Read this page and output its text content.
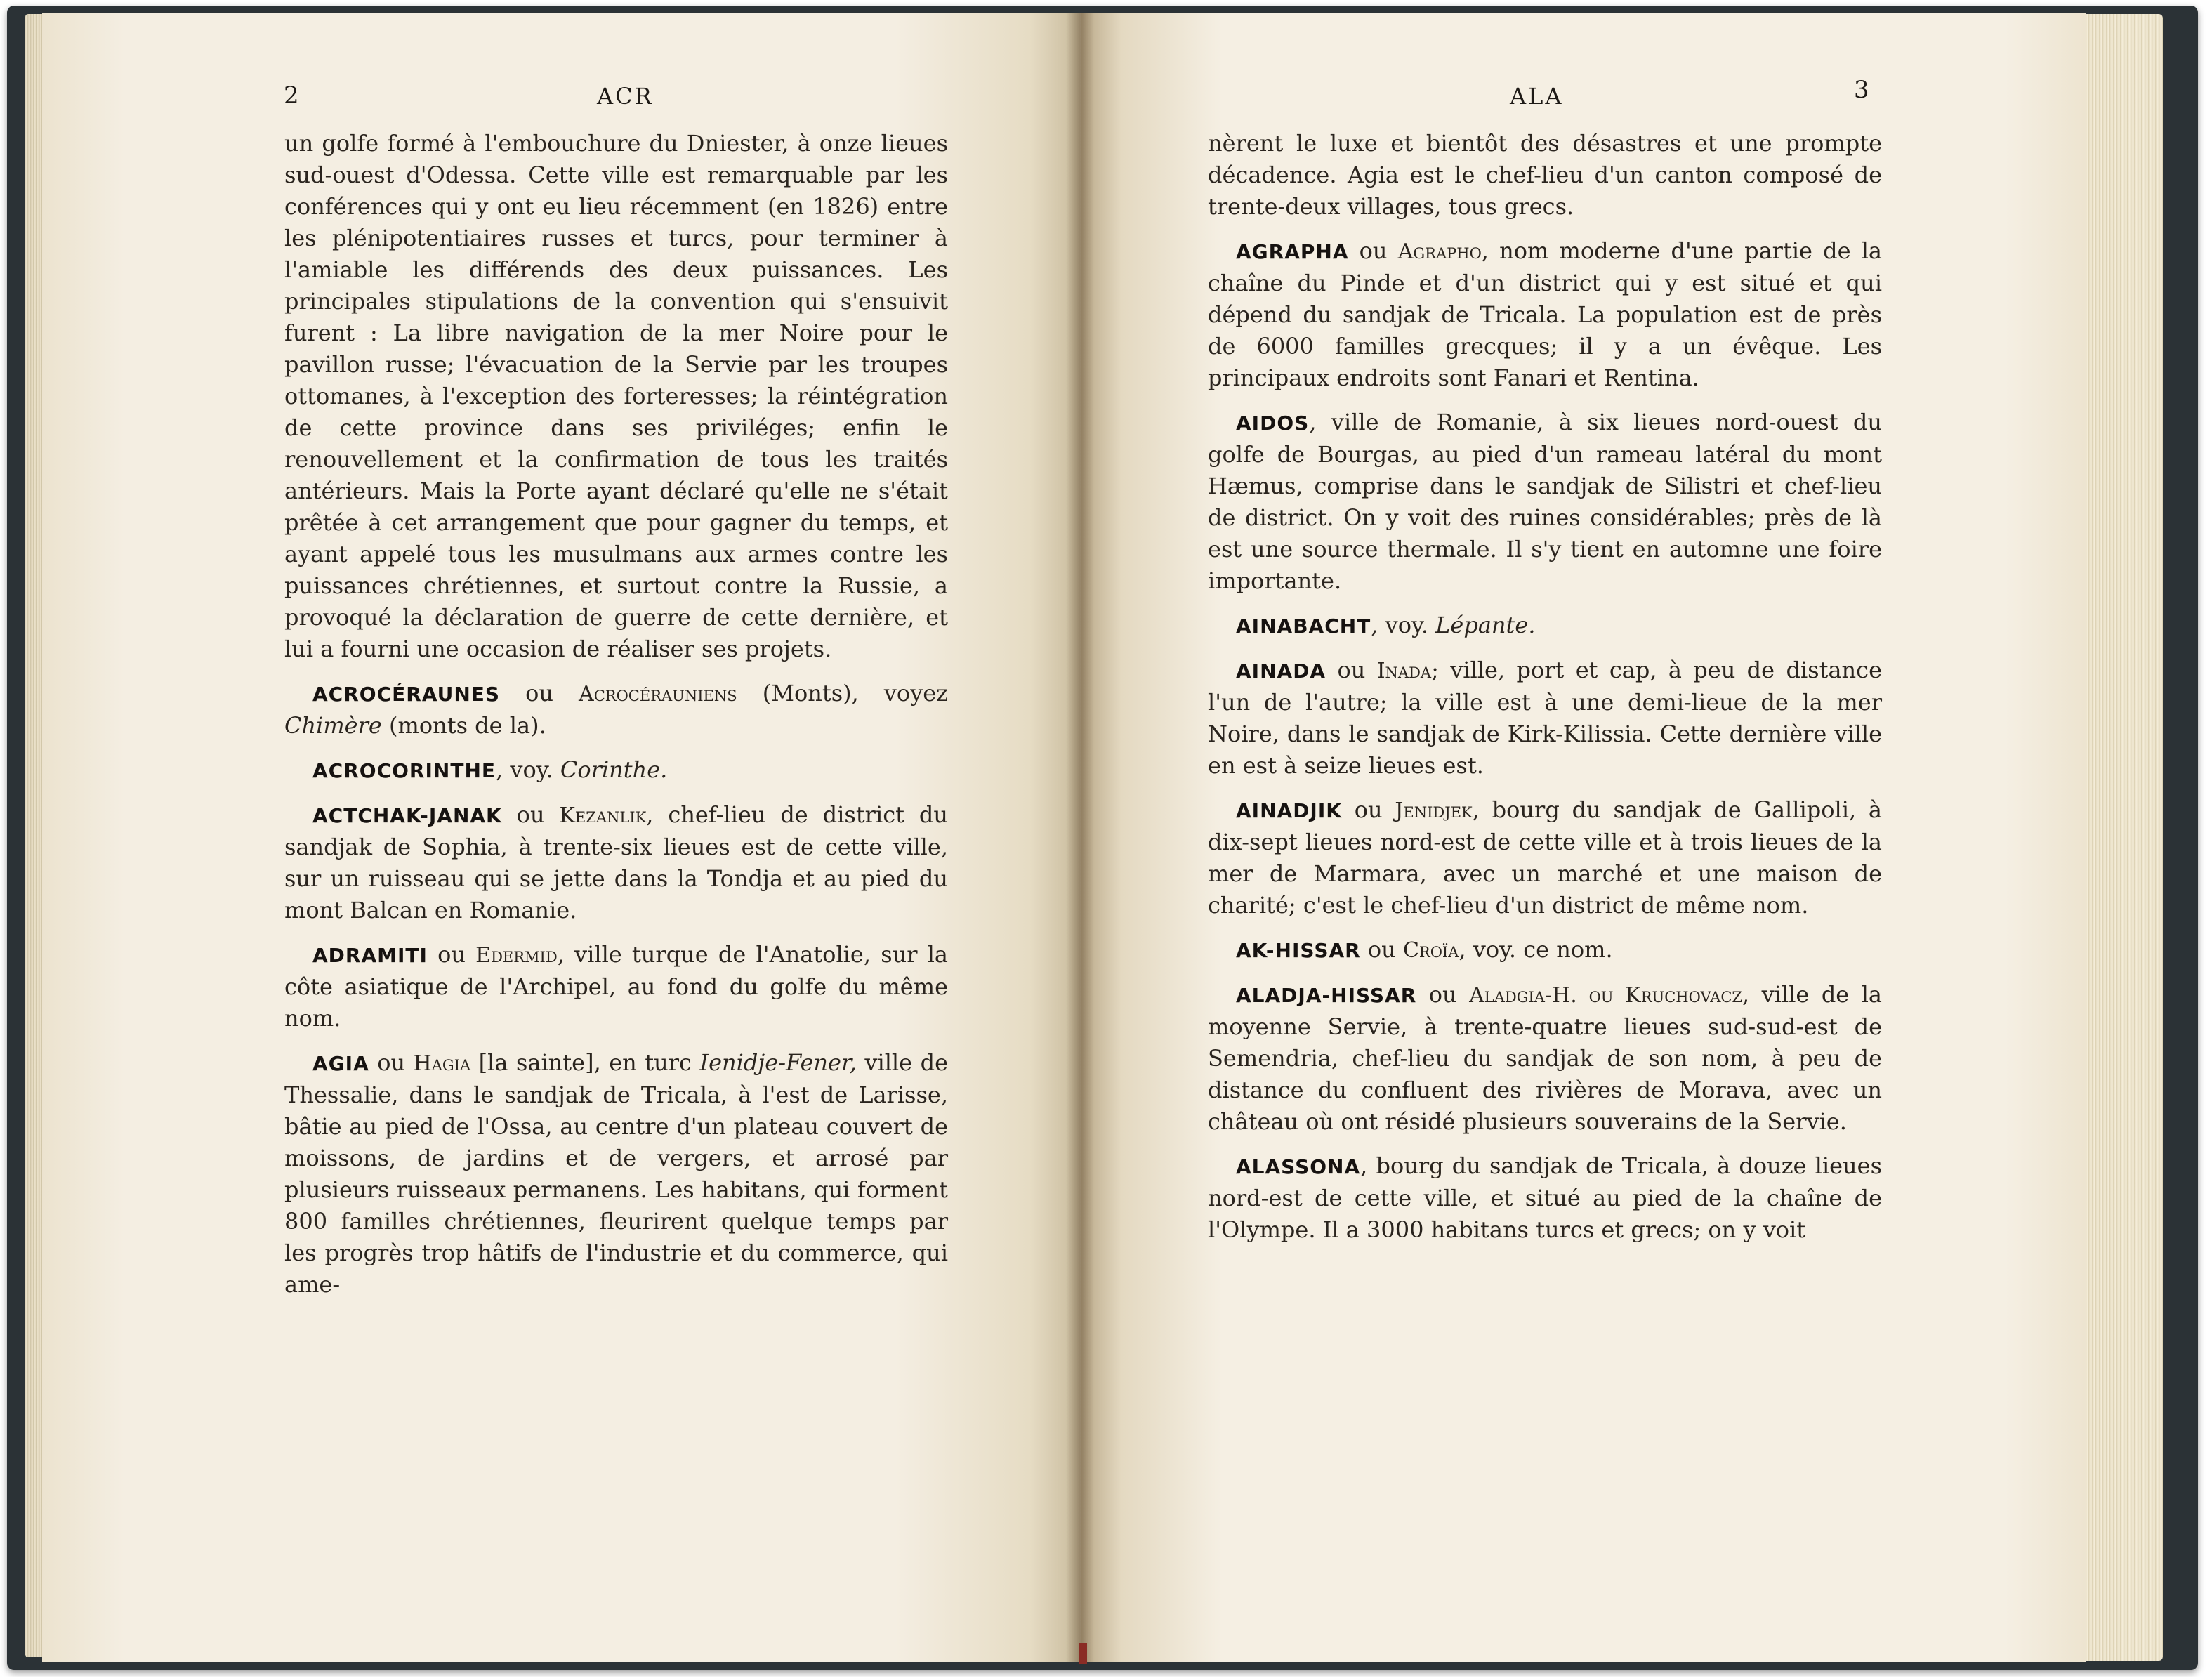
2	ACR	ALA	3

un golfe formé à l'embouchure du Dniester, à onze lieues sud-ouest d'Odessa. Cette ville est remarquable par les conférences qui y ont eu lieu récemment (en 1826) entre les plénipotentiaires russes et turcs, pour terminer à l'amiable les différends des deux puissances. Les principales stipulations de la convention qui s'ensuivit furent : La libre navigation de la mer Noire pour le pavillon russe; l'évacuation de la Servie par les troupes ottomanes, à l'exception des forteresses; la réintégration de cette province dans ses priviléges; enfin le renouvellement et la confirmation de tous les traités antérieurs. Mais la Porte ayant déclaré qu'elle ne s'était prêtée à cet arrangement que pour gagner du temps, et ayant appelé tous les musulmans aux armes contre les puissances chrétiennes, et surtout contre la Russie, a provoqué la déclaration de guerre de cette dernière, et lui a fourni une occasion de réaliser ses projets.

ACROCÉRAUNES ou Acrocérauniens (Monts), voyez Chimère (monts de la).

ACROCORINTHE, voy. Corinthe.

ACTCHAK-JANAK ou Kezanlik, chef-lieu de district du sandjak de Sophia, à trente-six lieues est de cette ville, sur un ruisseau qui se jette dans la Tondja et au pied du mont Balcan en Romanie.

ADRAMITI ou Edermid, ville turque de l'Anatolie, sur la côte asiatique de l'Archipel, au fond du golfe du même nom.

AGIA ou Hagia [la sainte], en turc Ienidje-Fener, ville de Thessalie, dans le sandjak de Tricala, à l'est de Larisse, bâtie au pied de l'Ossa, au centre d'un plateau couvert de moissons, de jardins et de vergers, et arrosé par plusieurs ruisseaux permanens. Les habitans, qui forment 800 familles chrétiennes, fleurirent quelque temps par les progrès trop hâtifs de l'industrie et du commerce, qui ame-

nèrent le luxe et bientôt des désastres et une prompte décadence. Agia est le chef-lieu d'un canton composé de trente-deux villages, tous grecs.

AGRAPHA ou Agrapho, nom moderne d'une partie de la chaîne du Pinde et d'un district qui y est situé et qui dépend du sandjak de Tricala. La population est de près de 6000 familles grecques; il y a un évêque. Les principaux endroits sont Fanari et Rentina.

AIDOS, ville de Romanie, à six lieues nord-ouest du golfe de Bourgas, au pied d'un rameau latéral du mont Hæmus, comprise dans le sandjak de Silistri et chef-lieu de district. On y voit des ruines considérables; près de là est une source thermale. Il s'y tient en automne une foire importante.

AINABACHT, voy. Lépante.

AINADA ou Inada; ville, port et cap, à peu de distance l'un de l'autre; la ville est à une demi-lieue de la mer Noire, dans le sandjak de Kirk-Kilissia. Cette dernière ville en est à seize lieues est.

AINADJIK ou Jenidjek, bourg du sandjak de Gallipoli, à dix-sept lieues nord-est de cette ville et à trois lieues de la mer de Marmara, avec un marché et une maison de charité; c'est le chef-lieu d'un district de même nom.

AK-HISSAR ou Croïa, voy. ce nom.

ALADJA-HISSAR ou Aladgia-H. ou Kruchovacz, ville de la moyenne Servie, à trente-quatre lieues sud-sud-est de Semendria, chef-lieu du sandjak de son nom, à peu de distance du confluent des rivières de Morava, avec un château où ont résidé plusieurs souverains de la Servie.

ALASSONA, bourg du sandjak de Tricala, à douze lieues nord-est de cette ville, et situé au pied de la chaîne de l'Olympe. Il a 3000 habitans turcs et grecs; on y voit
